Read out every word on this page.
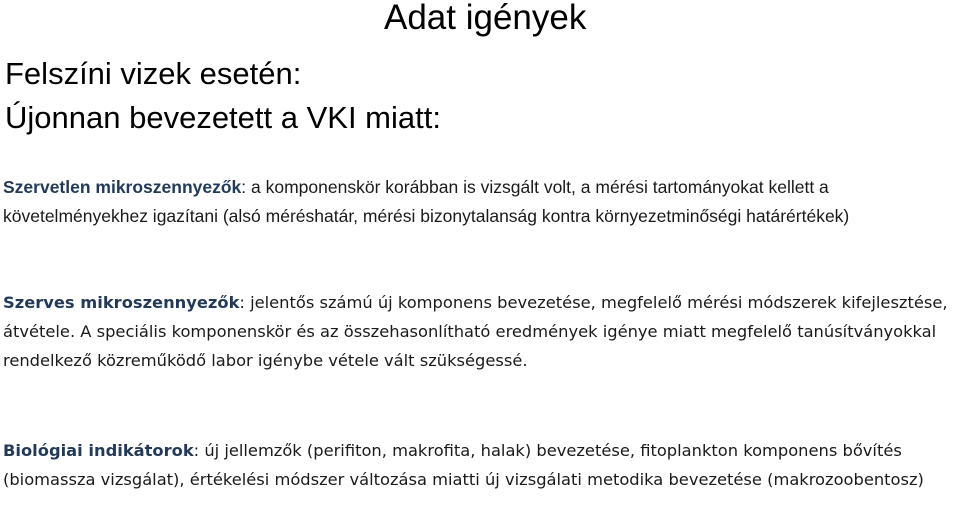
Adat igények
Felszíni vizek esetén:
Újonnan bevezetett a VKI miatt:

Szervetlen mikroszennyezők: a komponenskör korábban is vizsgált volt, a mérési tartományokat kellett a követelményekhez igazítani (alsó méréshatár, mérési bizonytalanság kontra környezetminőségi határértékek)

Szerves mikroszennyezők: jelentős számú új komponens bevezetése, megfelelő mérési módszerek kifejlesztése, átvétele. A speciális komponenskör és az összehasonlítható eredmények igénye miatt megfelelő tanúsítványokkal rendelkező közreműködő labor igénybe vétele vált szükségessé.

Biológiai indikátorok: új jellemzők (perifiton, makrofita, halak) bevezetése, fitoplankton komponens bővítés (biomassza vizsgálat), értékelési módszer változása miatti új vizsgálati metodika bevezetése (makrozoobentosz)
